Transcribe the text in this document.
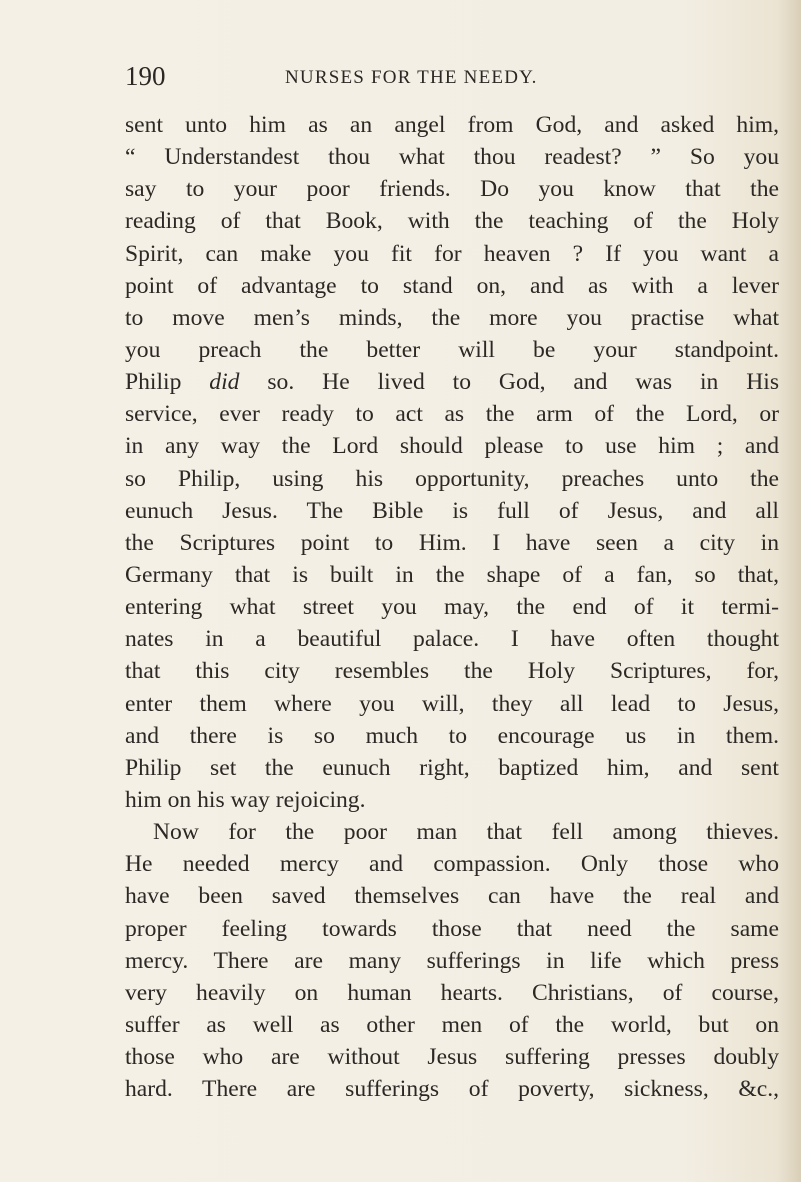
190	NURSES FOR THE NEEDY.
sent unto him as an angel from God, and asked him,
“ Understandest thou what thou readest? ” So you
say to your poor friends. Do you know that the
reading of that Book, with the teaching of the Holy
Spirit, can make you fit for heaven ? If you want a
point of advantage to stand on, and as with a lever
to move men’s minds, the more you practise what
you preach the better will be your standpoint.
Philip did so. He lived to God, and was in His
service, ever ready to act as the arm of the Lord, or
in any way the Lord should please to use him ; and
so Philip, using his opportunity, preaches unto the
eunuch Jesus. The Bible is full of Jesus, and all
the Scriptures point to Him. I have seen a city in
Germany that is built in the shape of a fan, so that,
entering what street you may, the end of it termi-
nates in a beautiful palace. I have often thought
that this city resembles the Holy Scriptures, for,
enter them where you will, they all lead to Jesus,
and there is so much to encourage us in them.
Philip set the eunuch right, baptized him, and sent
him on his way rejoicing.
Now for the poor man that fell among thieves.
He needed mercy and compassion. Only those who
have been saved themselves can have the real and
proper feeling towards those that need the same
mercy. There are many sufferings in life which press
very heavily on human hearts. Christians, of course,
suffer as well as other men of the world, but on
those who are without Jesus suffering presses doubly
hard. There are sufferings of poverty, sickness, &c.,
